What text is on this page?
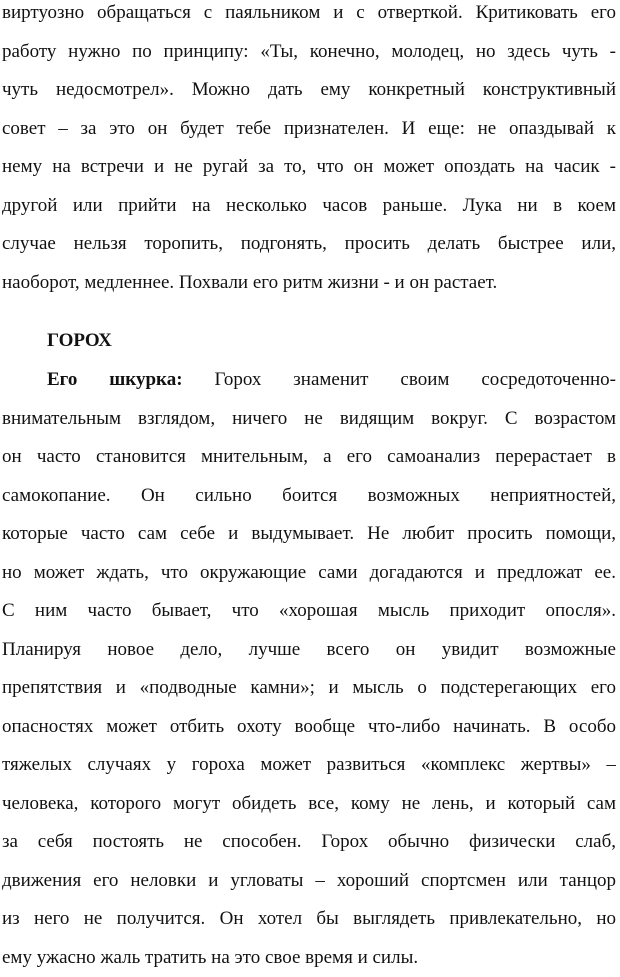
виртуозно обращаться с паяльником и с отверткой. Критиковать его
работу нужно по принципу: «Ты, конечно, молодец, но здесь чуть -
чуть недосмотрел». Можно дать ему конкретный конструктивный
совет – за это он будет тебе признателен. И еще: не опаздывай к
нему на встречи и не ругай за то, что он может опоздать на часик -
другой или прийти на несколько часов раньше. Лука ни в коем
случае нельзя торопить, подгонять, просить делать быстрее или,
наоборот, медленнее. Похвали его ритм жизни - и он растает.
ГОРОХ
Его шкурка: Горох знаменит своим сосредоточенно-
внимательным взглядом, ничего не видящим вокруг. С возрастом
он часто становится мнительным, а его самоанализ перерастает в
самокопание. Он сильно боится возможных неприятностей,
которые часто сам себе и выдумывает. Не любит просить помощи,
но может ждать, что окружающие сами догадаются и предложат ее.
С ним часто бывает, что «хорошая мысль приходит опосля».
Планируя новое дело, лучше всего он увидит возможные
препятствия и «подводные камни»; и мысль о подстерегающих его
опасностях может отбить охоту вообще что-либо начинать. В особо
тяжелых случаях у гороха может развиться «комплекс жертвы» –
человека, которого могут обидеть все, кому не лень, и который сам
за себя постоять не способен. Горох обычно физически слаб,
движения его неловки и угловаты – хороший спортсмен или танцор
из него не получится. Он хотел бы выглядеть привлекательно, но
ему ужасно жаль тратить на это свое время и силы.
